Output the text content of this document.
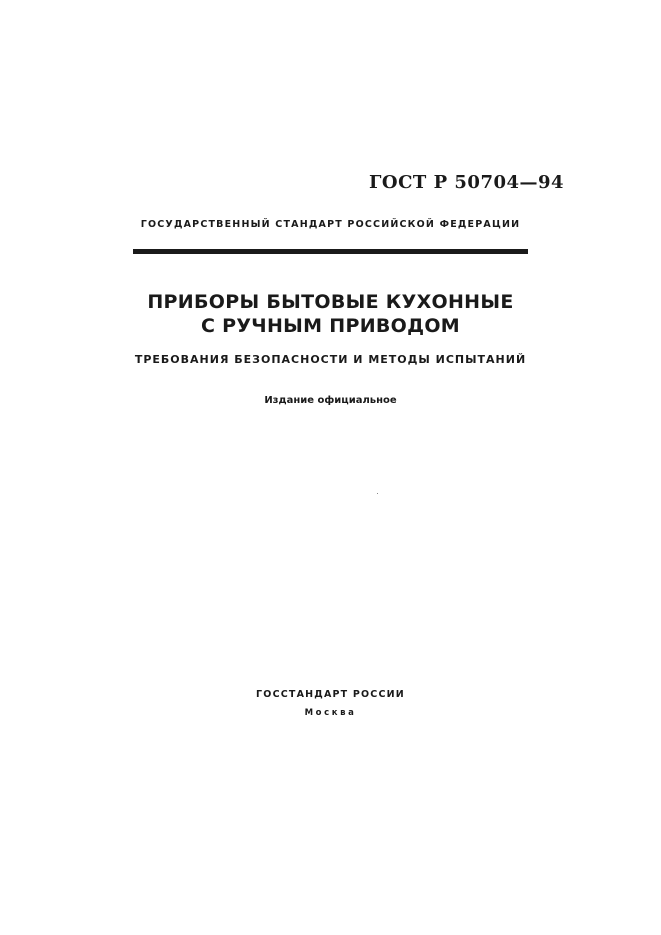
ГОСТ Р 50704—94
ГОСУДАРСТВЕННЫЙ СТАНДАРТ РОССИЙСКОЙ ФЕДЕРАЦИИ
ПРИБОРЫ БЫТОВЫЕ КУХОННЫЕ
С РУЧНЫМ ПРИВОДОМ
ТРЕБОВАНИЯ БЕЗОПАСНОСТИ И МЕТОДЫ ИСПЫТАНИЙ
Издание официальное
ГОССТАНДАРТ РОССИИ
Москва
